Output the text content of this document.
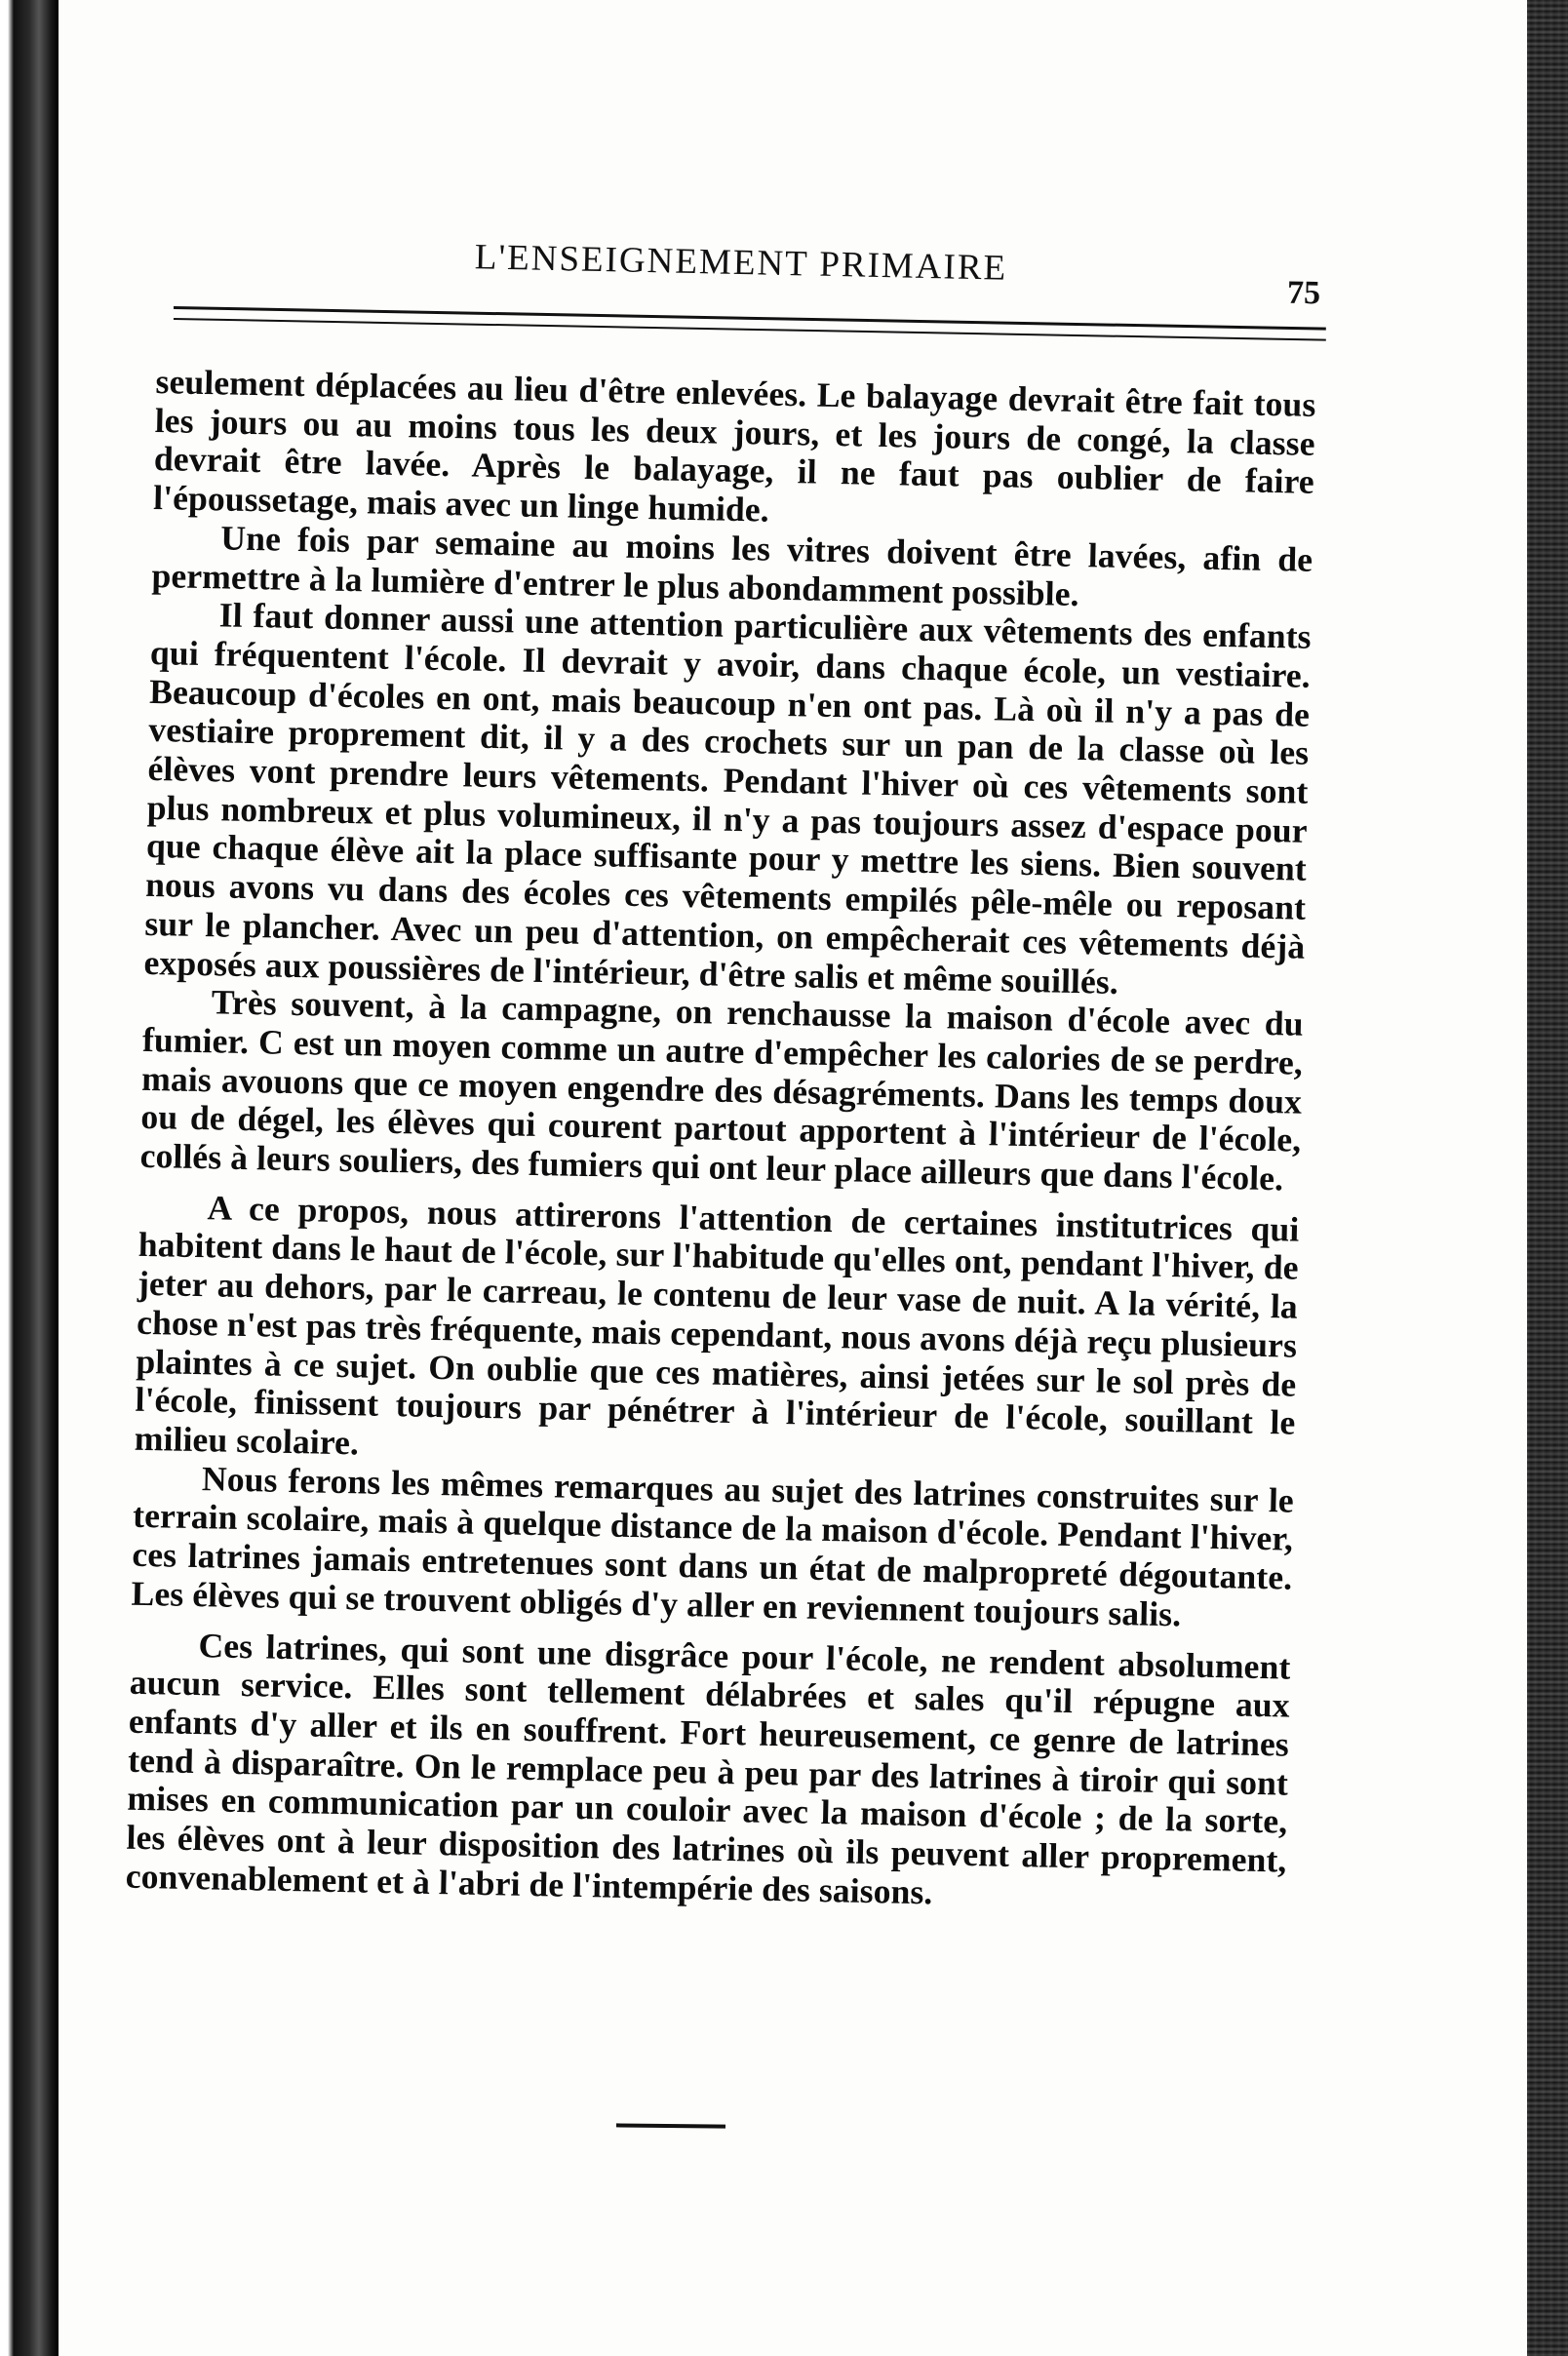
L'ENSEIGNEMENT PRIMAIRE
75

seulement déplacées au lieu d'être enlevées. Le balayage devrait être fait tous les jours ou au moins tous les deux jours, et les jours de congé, la classe devrait être lavée. Après le balayage, il ne faut pas oublier de faire l'époussetage, mais avec un linge humide.

Une fois par semaine au moins les vitres doivent être lavées, afin de permettre à la lumière d'entrer le plus abondamment possible.

Il faut donner aussi une attention particulière aux vêtements des enfants qui fréquentent l'école. Il devrait y avoir, dans chaque école, un vestiaire. Beaucoup d'écoles en ont, mais beaucoup n'en ont pas. Là où il n'y a pas de vestiaire proprement dit, il y a des crochets sur un pan de la classe où les élèves vont prendre leurs vêtements. Pendant l'hiver où ces vêtements sont plus nombreux et plus volumineux, il n'y a pas toujours assez d'espace pour que chaque élève ait la place suffisante pour y mettre les siens. Bien souvent nous avons vu dans des écoles ces vêtements empilés pêle-mêle ou reposant sur le plancher. Avec un peu d'attention, on empêcherait ces vêtements déjà exposés aux poussières de l'intérieur, d'être salis et même souillés.

Très souvent, à la campagne, on renchausse la maison d'école avec du fumier. C est un moyen comme un autre d'empêcher les calories de se perdre, mais avouons que ce moyen engendre des désagréments. Dans les temps doux ou de dégel, les élèves qui courent partout apportent à l'intérieur de l'école, collés à leurs souliers, des fumiers qui ont leur place ailleurs que dans l'école.

A ce propos, nous attirerons l'attention de certaines institutrices qui habitent dans le haut de l'école, sur l'habitude qu'elles ont, pendant l'hiver, de jeter au dehors, par le carreau, le contenu de leur vase de nuit. A la vérité, la chose n'est pas très fréquente, mais cependant, nous avons déjà reçu plusieurs plaintes à ce sujet. On oublie que ces matières, ainsi jetées sur le sol près de l'école, finissent toujours par pénétrer à l'intérieur de l'école, souillant le milieu scolaire.

Nous ferons les mêmes remarques au sujet des latrines construites sur le terrain scolaire, mais à quelque distance de la maison d'école. Pendant l'hiver, ces latrines jamais entretenues sont dans un état de malpropreté dégoutante. Les élèves qui se trouvent obligés d'y aller en reviennent toujours salis.

Ces latrines, qui sont une disgrâce pour l'école, ne rendent absolument aucun service. Elles sont tellement délabrées et sales qu'il répugne aux enfants d'y aller et ils en souffrent. Fort heureusement, ce genre de latrines tend à disparaître. On le remplace peu à peu par des latrines à tiroir qui sont mises en communication par un couloir avec la maison d'école ; de la sorte, les élèves ont à leur disposition des latrines où ils peuvent aller proprement, convenablement et à l'abri de l'intempérie des saisons.
